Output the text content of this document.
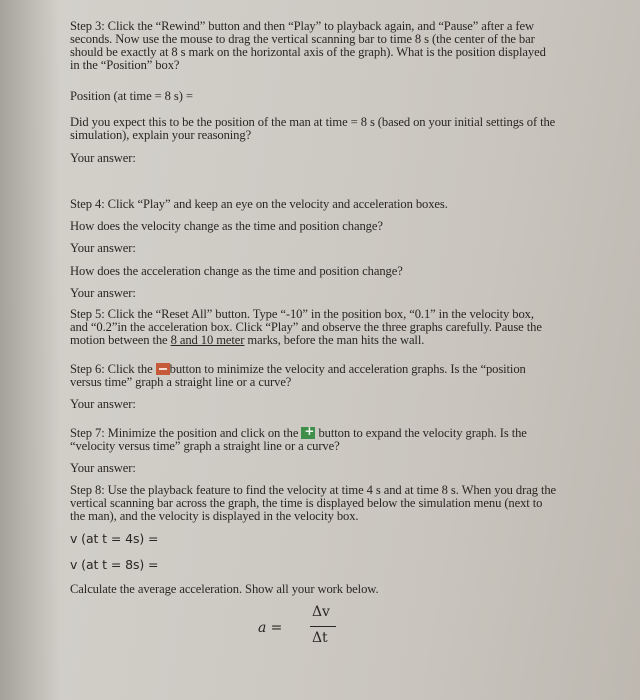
Step 3: Click the “Rewind” button and then “Play” to playback again, and “Pause” after a few

seconds. Now use the mouse to drag the vertical scanning bar to time 8 s (the center of the bar

should be exactly at 8 s mark on the horizontal axis of the graph). What is the position displayed

in the “Position” box?

Position (at time = 8 s) =

Did you expect this to be the position of the man at time = 8 s (based on your initial settings of the

simulation), explain your reasoning?

Your answer:

Step 4: Click “Play” and keep an eye on the velocity and acceleration boxes.

How does the velocity change as the time and position change?

Your answer:

How does the acceleration change as the time and position change?

Your answer:

Step 5: Click the “Reset All” button. Type “-10” in the position box, “0.1” in the velocity box,

and “0.2”in the acceleration box. Click “Play” and observe the three graphs carefully. Pause the

motion between the 8 and 10 meter marks, before the man hits the wall.

Step 6: Click the button to minimize the velocity and acceleration graphs. Is the “position

versus time” graph a straight line or a curve?

Your answer:

Step 7: Minimize the position and click on the + button to expand the velocity graph. Is the

“velocity versus time” graph a straight line or a curve?

Your answer:

Step 8: Use the playback feature to find the velocity at time 4 s and at time 8 s. When you drag the

vertical scanning bar across the graph, the time is displayed below the simulation menu (next to

the man), and the velocity is displayed in the velocity box.

v (at t = 4s) =

v (at t = 8s) =

Calculate the average acceleration. Show all your work below.

a =
Δv
Δt
